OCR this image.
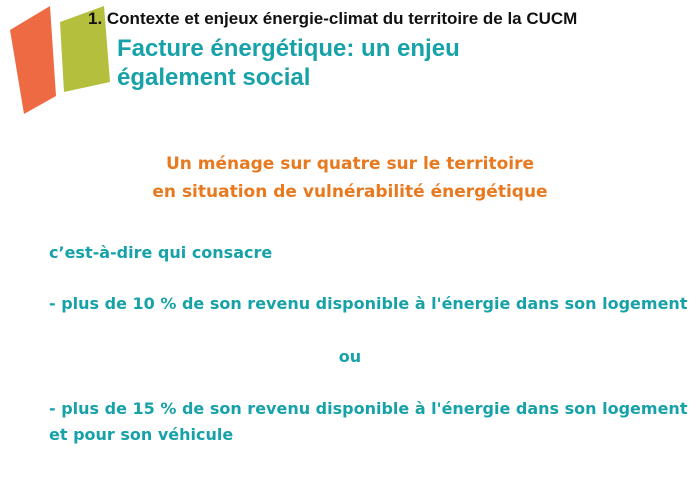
1. Contexte et enjeux énergie-climat du territoire de la CUCM
Facture énergétique: un enjeu
également social

Un ménage sur quatre sur le territoire
en situation de vulnérabilité énergétique

c’est-à-dire qui consacre

- plus de 10 % de son revenu disponible à l'énergie dans son logement

ou

- plus de 15 % de son revenu disponible à l'énergie dans son logement
et pour son véhicule
